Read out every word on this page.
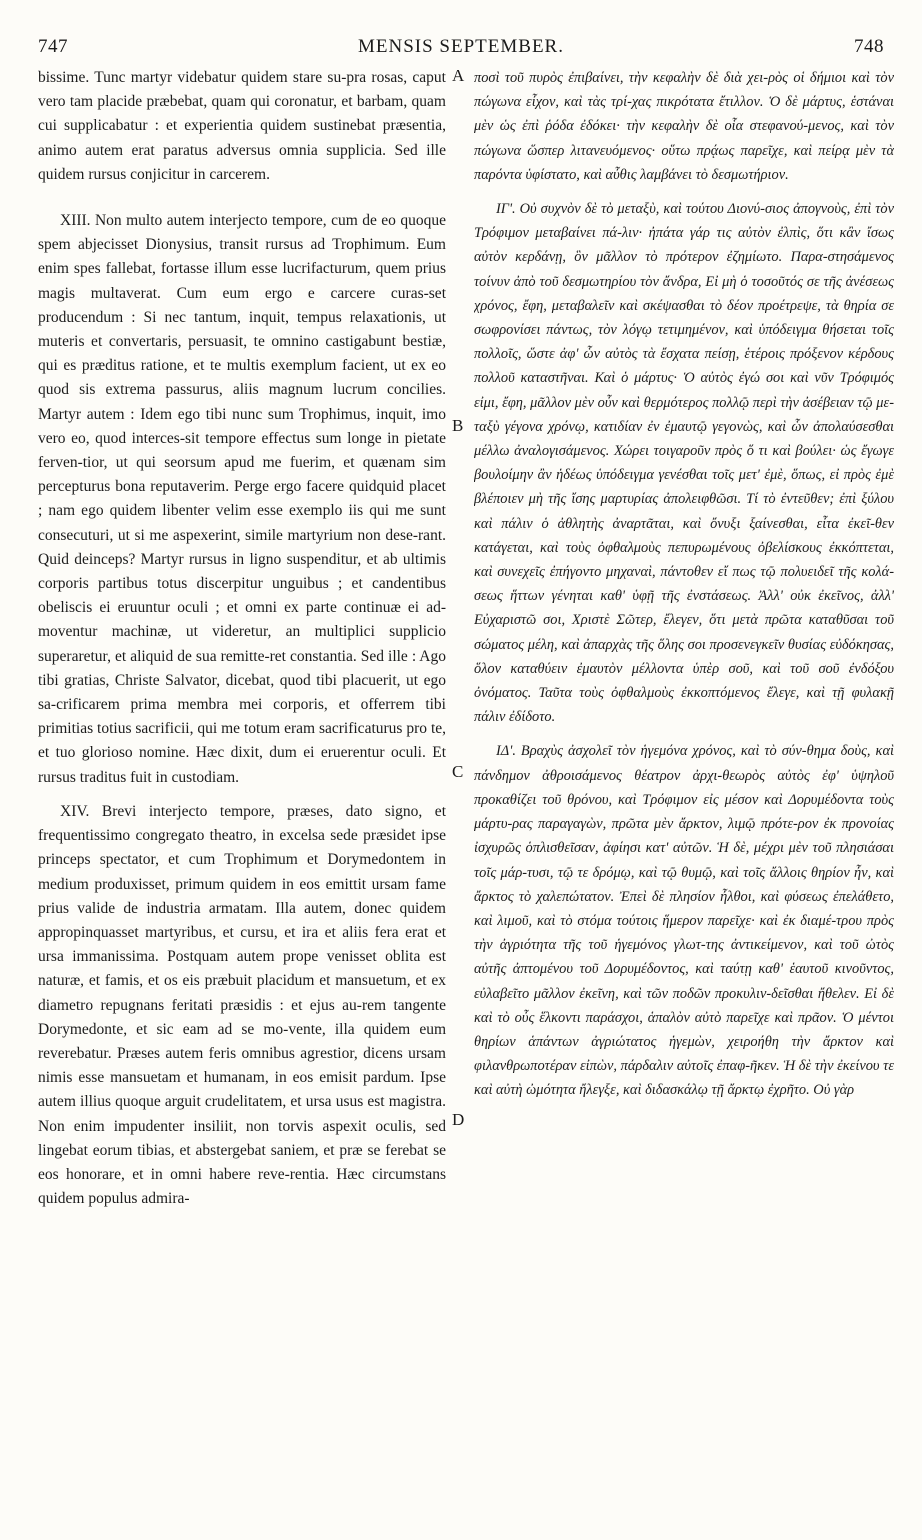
747	MENSIS SEPTEMBER.	748

bissime. Tunc martyr videbatur quidem stare su-pra rosas, caput vero tam placide præbebat, quam qui coronatur, et barbam, quam cui supplicabatur : et experientia quidem sustinebat præsentia, animo autem erat paratus adversus omnia supplicia. Sed ille quidem rursus conjicitur in carcerem.

XIII. Non multo autem interjecto tempore, cum de eo quoque spem abjecisset Dionysius, transit rursus ad Trophimum. Eum enim spes fallebat, fortasse illum esse lucrifacturum, quem prius magis multaverat. Cum eum ergo e carcere curas-set producendum : Si nec tantum, inquit, tempus relaxationis, ut muteris et convertaris, persuasit, te omnino castigabunt bestiæ, qui es præditus ratione, et te multis exemplum facient, ut ex eo quod sis extrema passurus, aliis magnum lucrum concilies. Martyr autem : Idem ego tibi nunc sum Trophimus, inquit, imo vero eo, quod interces-sit tempore effectus sum longe in pietate ferven-tior, ut qui seorsum apud me fuerim, et quænam sim percepturus bona reputaverim. Perge ergo facere quidquid placet ; nam ego quidem libenter velim esse exemplo iis qui me sunt consecuturi, ut si me aspexerint, simile martyrium non dese-rant. Quid deinceps? Martyr rursus in ligno suspenditur, et ab ultimis corporis partibus totus discerpitur unguibus ; et candentibus obeliscis ei eruuntur oculi ; et omni ex parte continuæ ei ad-moventur machinæ, ut videretur, an multiplici supplicio superaretur, et aliquid de sua remitte-ret constantia. Sed ille : Ago tibi gratias, Christe Salvator, dicebat, quod tibi placuerit, ut ego sa-crificarem prima membra mei corporis, et offerrem tibi primitias totius sacrificii, qui me totum eram sacrificaturus pro te, et tuo glorioso nomine. Hæc dixit, dum ei eruerentur oculi. Et rursus traditus fuit in custodiam.

XIV. Brevi interjecto tempore, præses, dato signo, et frequentissimo congregato theatro, in excelsa sede præsidet ipse princeps spectator, et cum Trophimum et Dorymedontem in medium produxisset, primum quidem in eos emittit ursam fame prius valide de industria armatam. Illa autem, donec quidem appropinquasset martyribus, et cursu, et ira et aliis fera erat et ursa immanissima. Postquam autem prope venisset oblita est naturæ, et famis, et os eis præbuit placidum et mansuetum, et ex diametro repugnans feritati præsidis : et ejus au-rem tangente Dorymedonte, et sic eam ad se mo-vente, illa quidem eum reverebatur. Præses autem feris omnibus agrestior, dicens ursam nimis esse mansuetam et humanam, in eos emisit pardum. Ipse autem illius quoque arguit crudelitatem, et ursa usus est magistra. Non enim impudenter insiliit, non torvis aspexit oculis, sed lingebat eorum tibias, et abstergebat saniem, et præ se ferebat se eos honorare, et in omni habere reve-rentia. Hæc circumstans quidem populus admira-

ποσὶ τοῦ πυρὸς ἐπιβαίνει, τὴν κεφαλὴν δὲ διὰ χει-ρὸς οἱ δήμιοι καὶ τὸν πώγωνα εἶχον, καὶ τὰς τρί-χας πικρότατα ἔτιλλον. Ὁ δὲ μάρτυς, ἑστάναι μὲν ὡς ἐπὶ ῥόδα ἐδόκει· τὴν κεφαλὴν δὲ οἷα στεφανού-μενος, καὶ τὸν πώγωνα ὥσπερ λιτανευόμενος· οὕτω πρᾴως παρεῖχε, καὶ πείρᾳ μὲν τὰ παρόντα ὑφίστατο, καὶ αὖθις λαμβάνει τὸ δεσμωτήριον.

ΙΓʹ. Οὐ συχνὸν δὲ τὸ μεταξὺ, καὶ τούτου Διονύ-σιος ἀπογνοὺς, ἐπὶ τὸν Τρόφιμον μεταβαίνει πά-λιν· ἠπάτα γάρ τις αὐτὸν ἐλπὶς, ὅτι κἂν ἴσως αὐτὸν κερδάνῃ, ὃν μᾶλλον τὸ πρότερον ἐζημίωτο. Παρα-στησάμενος τοίνυν ἀπὸ τοῦ δεσμωτηρίου τὸν ἄνδρα, Εἰ μὴ ὁ τοσοῦτός σε τῆς ἀνέσεως χρόνος, ἔφη, μεταβαλεῖν καὶ σκέψασθαι τὸ δέον προέτρεψε, τὰ θηρία σε σωφρονίσει πάντως, τὸν λόγῳ τετιμημένον, καὶ ὑπόδειγμα θήσεται τοῖς πολλοῖς, ὥστε ἀφ' ὧν αὐτὸς τὰ ἔσχατα πείσῃ, ἑτέροις πρόξενον κέρδους πολλοῦ καταστῆναι. Καὶ ὁ μάρτυς· Ὁ αὐτὸς ἐγώ σοι καὶ νῦν Τρόφιμός εἰμι, ἔφη, μᾶλλον μὲν οὖν καὶ θερμότερος πολλῷ περὶ τὴν ἀσέβειαν τῷ με-ταξὺ γέγονα χρόνῳ, κατιδίαν ἐν ἐμαυτῷ γεγονὼς, καὶ ὧν ἀπολαύσεσθαι μέλλω ἀναλογισάμενος. Χώρει τοιγαροῦν πρὸς ὅ τι καὶ βούλει· ὡς ἔγωγε βουλοίμην ἂν ἡδέως ὑπόδειγμα γενέσθαι τοῖς μετ' ἐμὲ, ὅπως, εἰ πρὸς ἐμὲ βλέποιεν μὴ τῆς ἴσης μαρτυρίας ἀπολειφθῶσι. Τί τὸ ἐντεῦθεν; ἐπὶ ξύλου καὶ πάλιν ὁ ἀθλητὴς ἀναρτᾶται, καὶ ὄνυξι ξαίνεσθαι, εἶτα ἐκεῖ-θεν κατάγεται, καὶ τοὺς ὀφθαλμοὺς πεπυρωμένους ὀβελίσκους ἐκκόπτεται, καὶ συνεχεῖς ἐπήγοντο μηχαναὶ, πάντοθεν εἴ πως τῷ πολυειδεῖ τῆς κολά-σεως ἥττων γένηται καθ' ὑφῇ τῆς ἐνστάσεως. Ἀλλ' οὐκ ἐκεῖνος, ἀλλ' Εὐχαριστῶ σοι, Χριστὲ Σῶτερ, ἔλεγεν, ὅτι μετὰ πρῶτα καταθῦσαι τοῦ σώματος μέλη, καὶ ἀπαρχὰς τῆς ὅλης σοι προσενεγκεῖν θυσίας εὐδόκησας, ὅλον καταθύειν ἐμαυτὸν μέλλοντα ὑπὲρ σοῦ, καὶ τοῦ σοῦ ἐνδόξου ὀνόματος. Ταῦτα τοὺς ὀφθαλμοὺς ἐκκοπτόμενος ἔλεγε, καὶ τῇ φυλακῇ πάλιν ἐδίδοτο.

ΙΔʹ. Βραχὺς ἀσχολεῖ τὸν ἡγεμόνα χρόνος, καὶ τὸ σύν-θημα δοὺς, καὶ πάνδημον ἀθροισάμενος θέατρον ἀρχι-θεωρὸς αὐτὸς ἐφ' ὑψηλοῦ προκαθίζει τοῦ θρόνου, καὶ Τρόφιμον εἰς μέσον καὶ Δορυμέδοντα τοὺς μάρτυ-ρας παραγαγὼν, πρῶτα μὲν ἄρκτον, λιμῷ πρότε-ρον ἐκ προνοίας ἰσχυρῶς ὁπλισθεῖσαν, ἀφίησι κατ' αὐτῶν. Ἡ δὲ, μέχρι μὲν τοῦ πλησιάσαι τοῖς μάρ-τυσι, τῷ τε δρόμῳ, καὶ τῷ θυμῷ, καὶ τοῖς ἄλλοις θηρίον ἦν, καὶ ἄρκτος τὸ χαλεπώτατον. Ἐπεὶ δὲ πλησίον ἦλθοι, καὶ φύσεως ἐπελάθετο, καὶ λιμοῦ, καὶ τὸ στόμα τούτοις ἥμερον παρεῖχε· καὶ ἐκ διαμέ-τρου πρὸς τὴν ἀγριότητα τῆς τοῦ ἡγεμόνος γλωτ-της ἀντικείμενον, καὶ τοῦ ὠτὸς αὐτῆς ἀπτομένου τοῦ Δορυμέδοντος, καὶ ταύτῃ καθ' ἑαυτοῦ κινοῦντος, εὐλαβεῖτο μᾶλλον ἐκεῖνη, καὶ τῶν ποδῶν προκυλιν-δεῖσθαι ἤθελεν. Εἰ δὲ καὶ τὸ οὖς ἕλκοντι παράσχοι, ἁπαλὸν αὐτὸ παρεῖχε καὶ πρᾶον. Ὁ μέντοι θηρίων ἁπάντων ἀγριώτατος ἡγεμὼν, χειροήθη τὴν ἄρκτον καὶ φιλανθρωποτέραν εἰπὼν, πάρδαλιν αὐτοῖς ἐπαφ-ῆκεν. Ἡ δὲ τὴν ἐκείνου τε καὶ αὐτὴ ὠμότητα ἤλεγξε, καὶ διδασκάλῳ τῇ ἄρκτῳ ἐχρῆτο. Οὐ γὰρ

A
B
C
D
